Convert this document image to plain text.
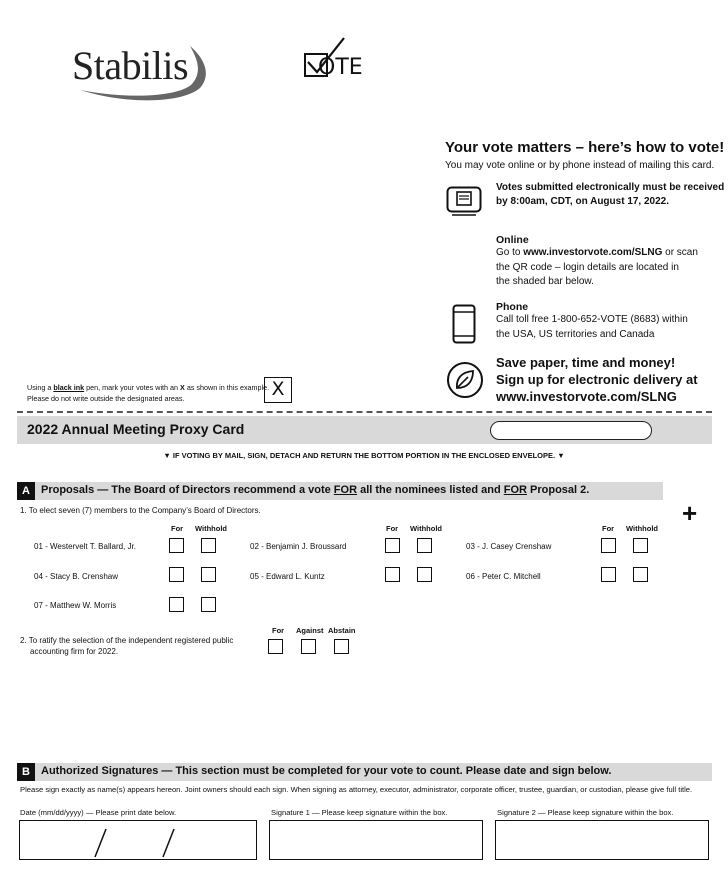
Stabilis	OTE
Your vote matters – here’s how to vote!
You may vote online or by phone instead of mailing this card.
Votes submitted electronically must be received
by 8:00am, CDT, on August 17, 2022.
Online
Go to www.investorvote.com/SLNG or scan
the QR code – login details are located in
the shaded bar below.
Phone
Call toll free 1-800-652-VOTE (8683) within
the USA, US territories and Canada
Save paper, time and money!
Sign up for electronic delivery at
www.investorvote.com/SLNG
Using a black ink pen, mark your votes with an X as shown in this example.
Please do not write outside the designated areas.	X
2022 Annual Meeting Proxy Card
▼ IF VOTING BY MAIL, SIGN, DETACH AND RETURN THE BOTTOM PORTION IN THE ENCLOSED ENVELOPE. ▼
A	Proposals — The Board of Directors recommend a vote FOR all the nominees listed and FOR Proposal 2.
+
1. To elect seven (7) members to the Company’s Board of Directors.
For Withhold	For Withhold	For Withhold
01 - Westervelt T. Ballard, Jr.	02 - Benjamin J. Broussard	03 - J. Casey Crenshaw
04 - Stacy B. Crenshaw	05 - Edward L. Kuntz	06 - Peter C. Mitchell
07 - Matthew W. Morris
2. To ratify the selection of the independent registered public
accounting firm for 2022.
For Against Abstain
B	Authorized Signatures — This section must be completed for your vote to count. Please date and sign below.
Please sign exactly as name(s) appears hereon. Joint owners should each sign. When signing as attorney, executor, administrator, corporate officer, trustee, guardian, or custodian, please give full title.
Date (mm/dd/yyyy) — Please print date below.	Signature 1 — Please keep signature within the box.	Signature 2 — Please keep signature within the box.
